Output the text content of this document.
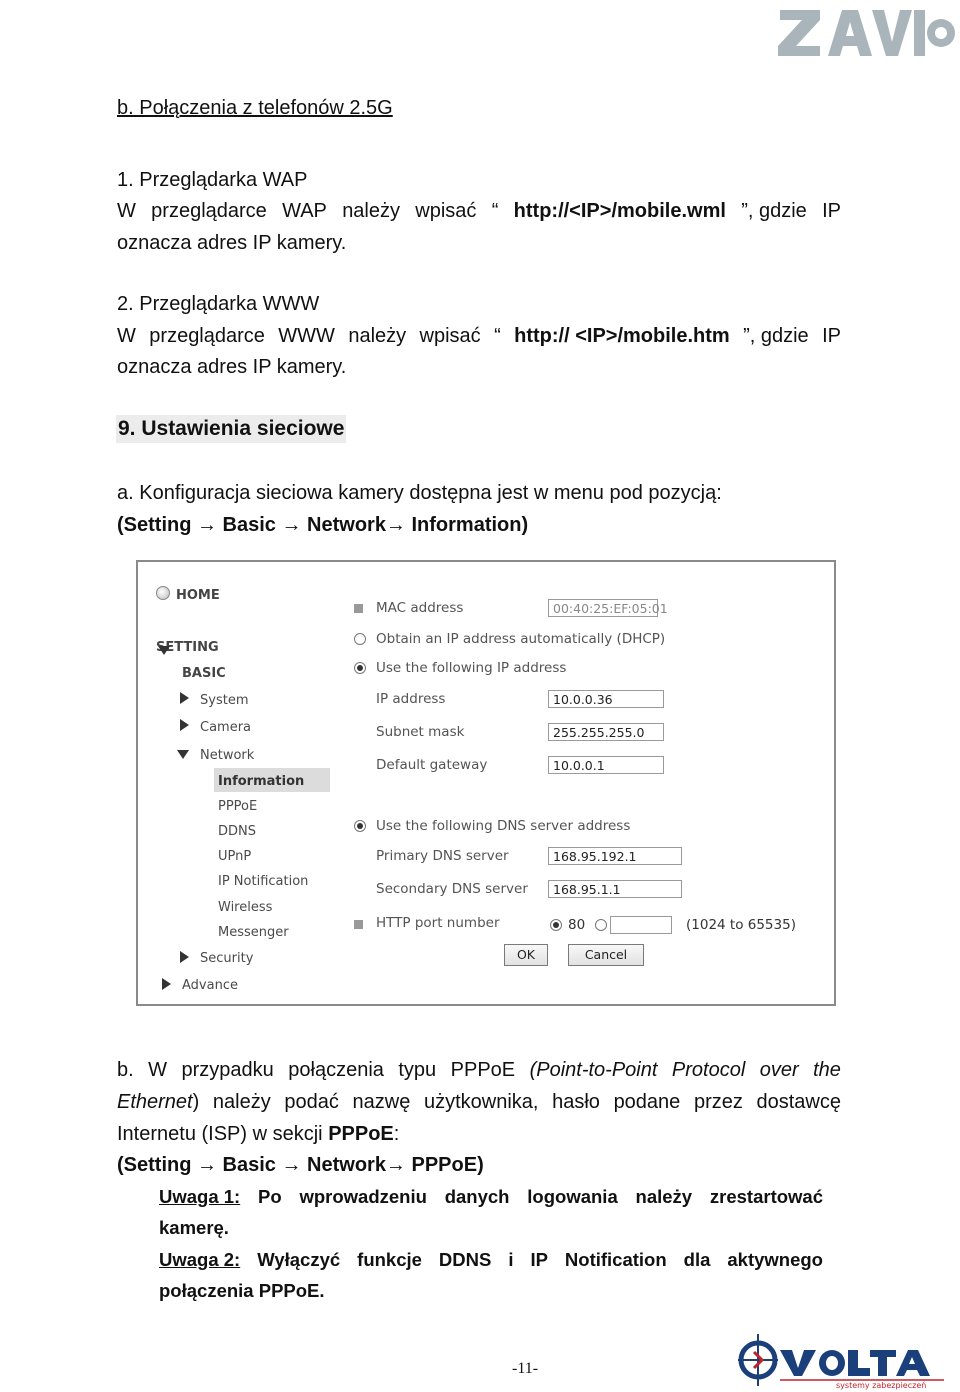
b. Połączenia z telefonów 2.5G
1. Przeglądarka WAP
W przeglądarce WAP należy wpisać “ http://<IP>/mobile.wml ”, gdzie IP
oznacza adres IP kamery.
2. Przeglądarka WWW
W przeglądarce WWW należy wpisać “ http:// <IP>/mobile.htm ”, gdzie IP
oznacza adres IP kamery.
9. Ustawienia sieciowe
a. Konfiguracja sieciowa kamery dostępna jest w menu pod pozycją:
(Setting → Basic → Network→ Information)
HOME
SETTING
BASIC
System
Camera
Network
Information
PPPoE
DDNS
UPnP
IP Notification
Wireless
Messenger
Security
Advance
MAC address	00:40:25:EF:05:01
Obtain an IP address automatically (DHCP)
Use the following IP address
IP address	10.0.0.36
Subnet mask	255.255.255.0
Default gateway	10.0.0.1
Use the following DNS server address
Primary DNS server	168.95.192.1
Secondary DNS server	168.95.1.1
HTTP port number	80	(1024 to 65535)
OK	Cancel
b. W przypadku połączenia typu PPPoE (Point-to-Point Protocol over the
Ethernet) należy podać nazwę użytkownika, hasło podane przez dostawcę
Internetu (ISP) w sekcji PPPoE:
(Setting → Basic → Network→ PPPoE)
Uwaga 1: Po wprowadzeniu danych logowania należy zrestartować
kamerę.
Uwaga 2: Wyłączyć funkcje DDNS i IP Notification dla aktywnego
połączenia PPPoE.
-11-
systemy zabezpieczeń
